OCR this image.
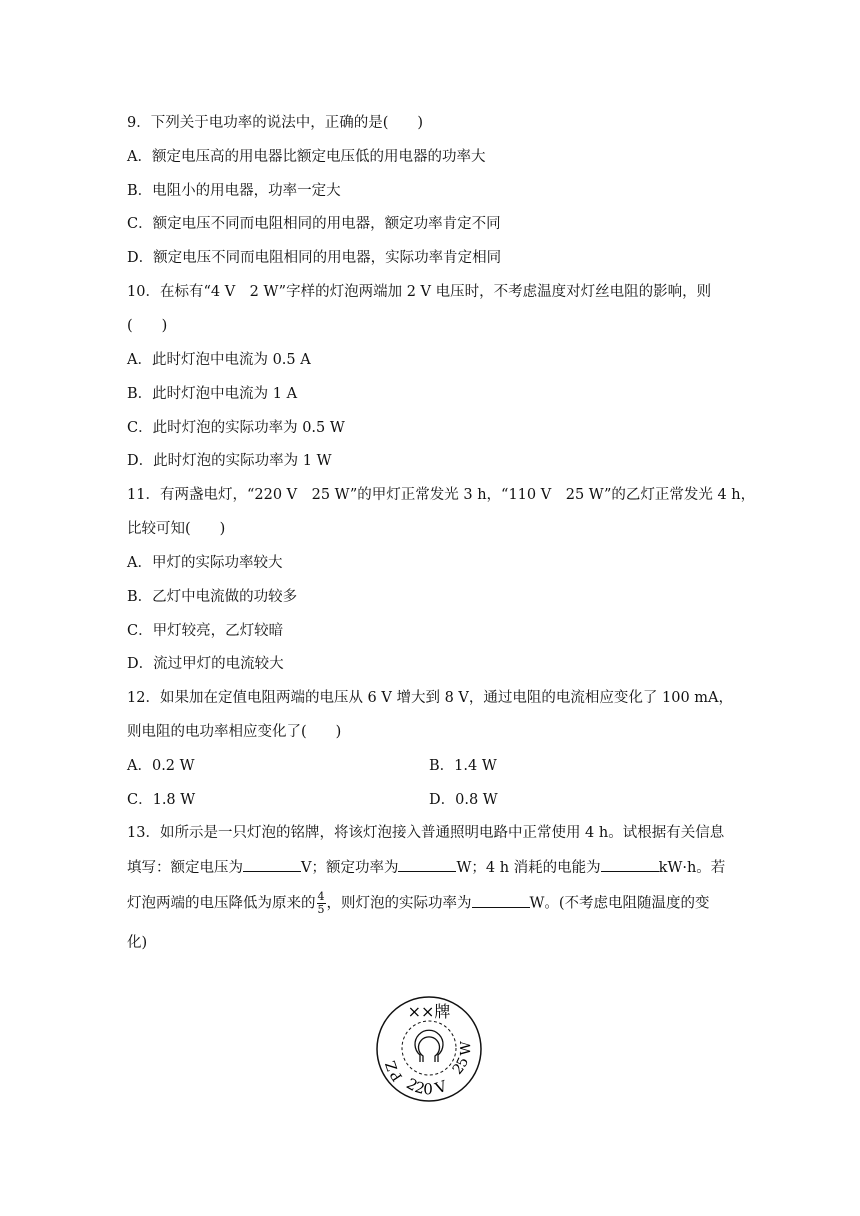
9．下列关于电功率的说法中，正确的是(　　)
A．额定电压高的用电器比额定电压低的用电器的功率大
B．电阻小的用电器，功率一定大
C．额定电压不同而电阻相同的用电器，额定功率肯定不同
D．额定电压不同而电阻相同的用电器，实际功率肯定相同
10．在标有“4 V　2 W”字样的灯泡两端加 2 V 电压时，不考虑温度对灯丝电阻的影响，则
(　　)
A．此时灯泡中电流为 0.5 A
B．此时灯泡中电流为 1 A
C．此时灯泡的实际功率为 0.5 W
D．此时灯泡的实际功率为 1 W
11．有两盏电灯，“220 V　25 W”的甲灯正常发光 3 h，“110 V　25 W”的乙灯正常发光 4 h，
比较可知(　　)
A．甲灯的实际功率较大
B．乙灯中电流做的功较多
C．甲灯较亮，乙灯较暗
D．流过甲灯的电流较大
12．如果加在定值电阻两端的电压从 6 V 增大到 8 V，通过电阻的电流相应变化了 100 mA，
则电阻的电功率相应变化了(　　)
A．0.2 W	B．1.4 W
C．1.8 W	D．0.8 W
13．如所示是一只灯泡的铭牌，将该灯泡接入普通照明电路中正常使用 4 h。试根据有关信息
填写：额定电压为	V；额定功率为	W；4 h 消耗的电能为	kW·h。若
灯泡两端的电压降低为原来的 $\frac{4}{5}$ ，则灯泡的实际功率为	W。(不考虑电阻随温度的变
化)
××牌
PZ
220 V
25 W
